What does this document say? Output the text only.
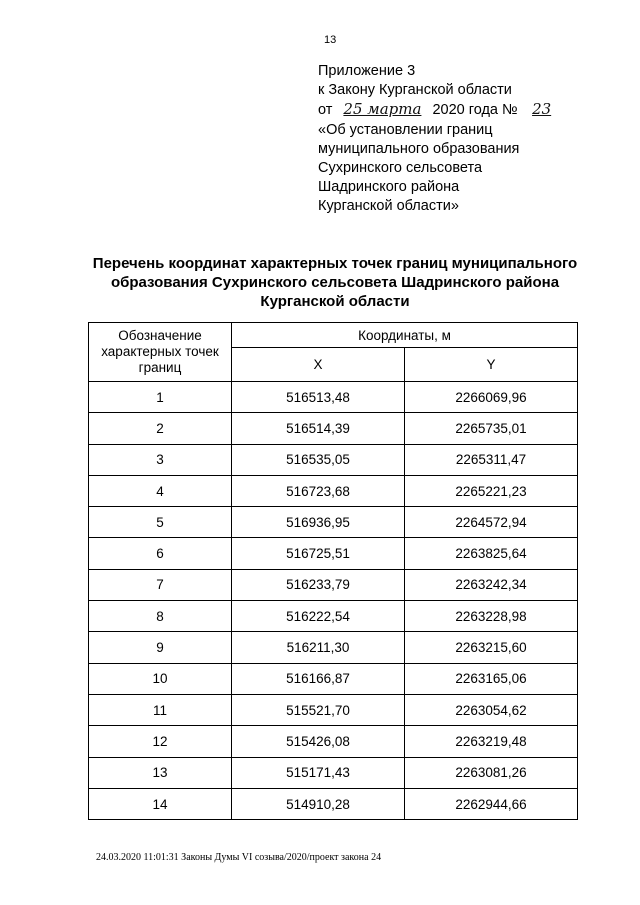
13
Приложение 3
к Закону Курганской области
от 25 марта 2020 года № 23
«Об установлении границ
муниципального образования
Сухринского сельсовета
Шадринского района
Курганской области»
Перечень координат характерных точек границ муниципального
образования Сухринского сельсовета Шадринского района
Курганской области
Обозначение характерных точек границ	Координаты, м	
	X	Y
1	516513,48	2266069,96
2	516514,39	2265735,01
3	516535,05	2265311,47
4	516723,68	2265221,23
5	516936,95	2264572,94
6	516725,51	2263825,64
7	516233,79	2263242,34
8	516222,54	2263228,98
9	516211,30	2263215,60
10	516166,87	2263165,06
11	515521,70	2263054,62
12	515426,08	2263219,48
13	515171,43	2263081,26
14	514910,28	2262944,66
24.03.2020 11:01:31 Законы Думы VI созыва/2020/проект закона 24
